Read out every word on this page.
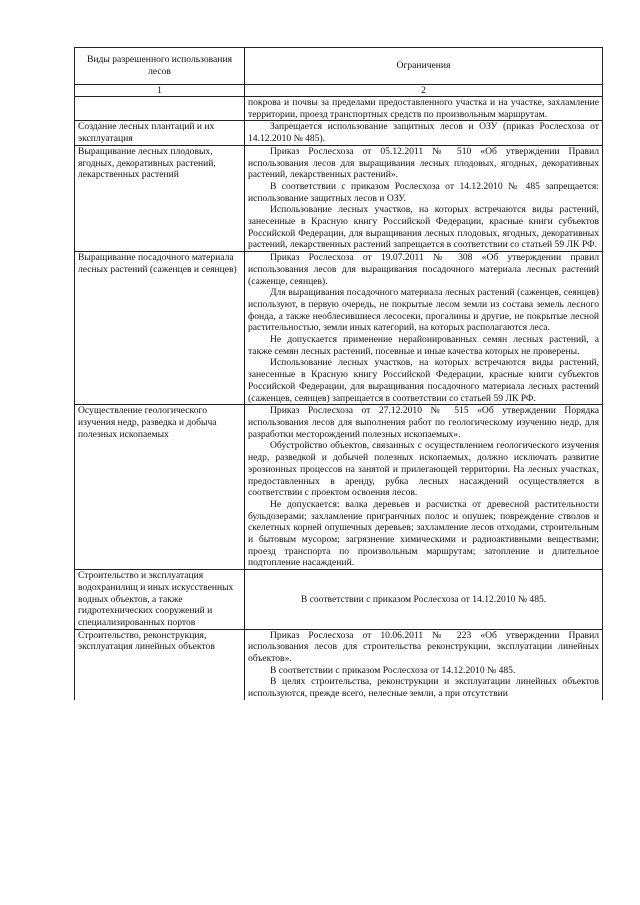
Виды разрешенного использования лесов	Ограничения
1	2

	покрова и почвы за пределами предоставленного участка и на участке, захламление территории, проезд транспортных средств по произвольным маршрутам.

Создание лесных плантаций и их эксплуатация	Запрещается использование защитных лесов и ОЗУ (приказ Рослесхоза от 14.12.2010 № 485).

Выращивание лесных плодовых, ягодных, декоративных растений, лекарственных растений	Приказ Рослесхоза от 05.12.2011 № 510 «Об утверждении Правил использования лесов для выращивания лесных плодовых, ягодных, декоративных растений, лекарственных растений».

В соответствии с приказом Рослесхоза от 14.12.2010 № 485 запрещается: использование защитных лесов и ОЗУ.

Использование лесных участков, на которых встречаются виды растений, занесенные в Красную книгу Российской Федерации, красные книги субъектов Российской Федерации, для выращивания лесных плодовых, ягодных, декоративных растений, лекарственных растений запрещается в соответствии со статьей 59 ЛК РФ.

Выращивание посадочного материала лесных растений (саженцев и сеянцев)	Приказ Рослесхоза от 19.07.2011 № 308 «Об утверждении правил использования лесов для выращивания посадочного материала лесных растений (саженце, сеянцев).

Для выращивания посадочного материала лесных растений (саженцев, сеянцев) используют, в первую очередь, не покрытые лесом земли из состава земель лесного фонда, а также необлесившиеся лесосеки, прогалины и другие, не покрытые лесной растительностью, земли иных категорий, на которых располагаются леса.

Не допускается применение нерайонированных семян лесных растений, а также семян лесных растений, посевные и иные качества которых не проверены.

Использование лесных участков, на которых встречаются виды растений, занесенные в Красную книгу Российской Федерации, красные книги субъектов Российской Федерации, для выращивания посадочного материала лесных растений (саженцев, сеянцев) запрещается в соответствии со статьей 59 ЛК РФ.

Осуществление геологического изучения недр, разведка и добыча полезных ископаемых	Приказ Рослесхоза от 27.12.2010 № 515 «Об утверждении Порядка использования лесов для выполнения работ по геологическому изучению недр, для разработки месторождений полезных ископаемых».

Обустройство объектов, связанных с осуществлением геологического изучения недр, разведкой и добычей полезных ископаемых, должно исключать развитие эрозионных процессов на занятой и прилегающей территории. На лесных участках, предоставленных в аренду, рубка лесных насаждений осуществляется в соответствии с проектом освоения лесов.

Не допускается: валка деревьев и расчистка от древесной растительности бульдозерами; захламление пригранчных полос и опушек; повреждение стволов и скелетных корней опушечных деревьев; захламление лесов отходами, строительным и бытовым мусором; загрязнение химическими и радиоактивными веществами; проезд транспорта по произвольным маршрутам; затопление и длительное подтопление насаждений.

Строительство и эксплуатация водохранилищ и иных искусственных водных объектов, а также гидротехнических сооружений и специализированных портов	В соответствии с приказом Рослесхоза от 14.12.2010 № 485.

Строительство, реконструкция, эксплуатация линейных объектов	Приказ Рослесхоза от 10.06.2011 № 223 «Об утверждении Правил использования лесов для строительства реконструкции, эксплуатации линейных объектов».

В соответствии с приказом Рослесхоза от 14.12.2010 № 485.

В целях строительства, реконструкции и эксплуатации линейных объектов используются, прежде всего, нелесные земли, а при отсутствии
